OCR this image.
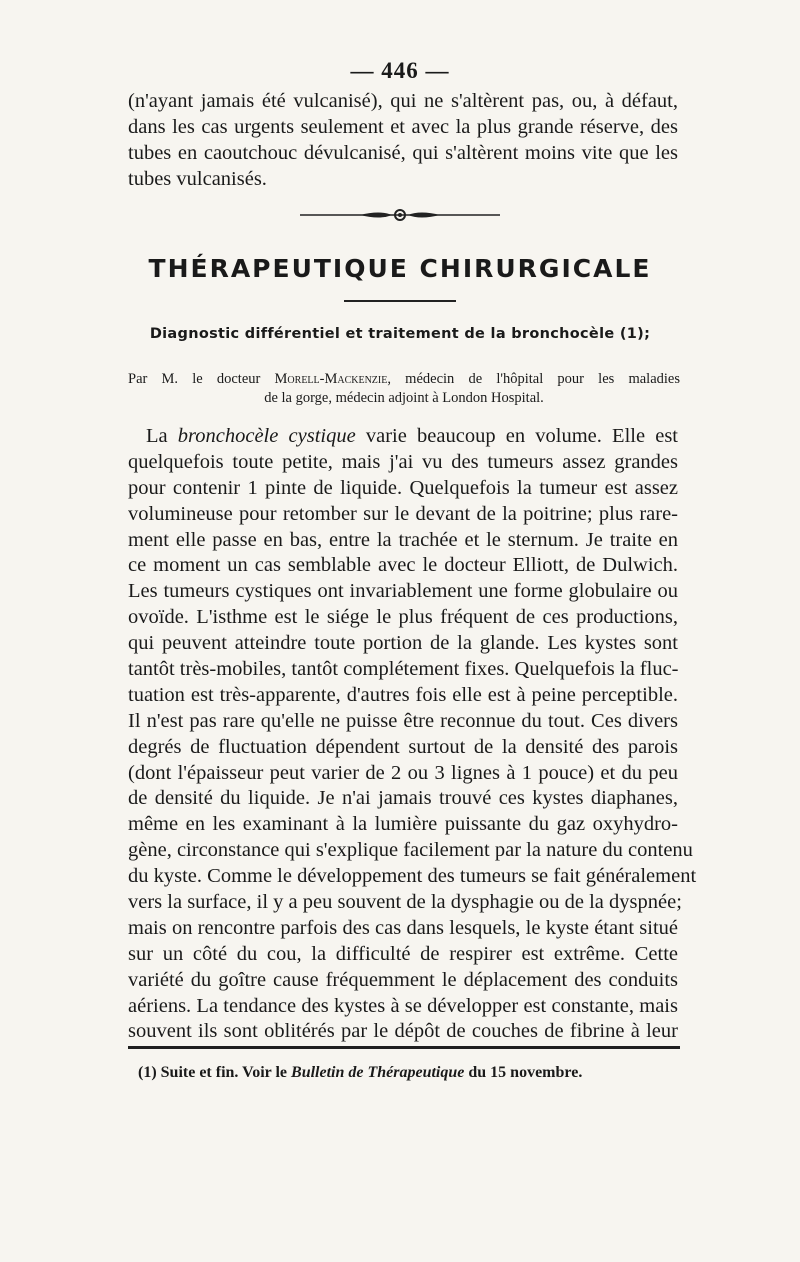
— 446 —
(n'ayant jamais été vulcanisé), qui ne s'altèrent pas, ou, à défaut,
dans les cas urgents seulement et avec la plus grande réserve, des
tubes en caoutchouc dévulcanisé, qui s'altèrent moins vite que les
tubes vulcanisés.
THÉRAPEUTIQUE CHIRURGICALE
Diagnostic différentiel et traitement de la bronchocèle (1);
Par M. le docteur Morell-Mackenzie, médecin de l'hôpital pour les maladies
de la gorge, médecin adjoint à London Hospital.
La bronchocèle cystique varie beaucoup en volume. Elle est
quelquefois toute petite, mais j'ai vu des tumeurs assez grandes
pour contenir 1 pinte de liquide. Quelquefois la tumeur est assez
volumineuse pour retomber sur le devant de la poitrine; plus rare-
ment elle passe en bas, entre la trachée et le sternum. Je traite en
ce moment un cas semblable avec le docteur Elliott, de Dulwich.
Les tumeurs cystiques ont invariablement une forme globulaire ou
ovoïde. L'isthme est le siége le plus fréquent de ces productions,
qui peuvent atteindre toute portion de la glande. Les kystes sont
tantôt très-mobiles, tantôt complétement fixes. Quelquefois la fluc-
tuation est très-apparente, d'autres fois elle est à peine perceptible.
Il n'est pas rare qu'elle ne puisse être reconnue du tout. Ces divers
degrés de fluctuation dépendent surtout de la densité des parois
(dont l'épaisseur peut varier de 2 ou 3 lignes à 1 pouce) et du peu
de densité du liquide. Je n'ai jamais trouvé ces kystes diaphanes,
même en les examinant à la lumière puissante du gaz oxyhydro-
gène, circonstance qui s'explique facilement par la nature du contenu
du kyste. Comme le développement des tumeurs se fait généralement
vers la surface, il y a peu souvent de la dysphagie ou de la dyspnée;
mais on rencontre parfois des cas dans lesquels, le kyste étant situé
sur un côté du cou, la difficulté de respirer est extrême. Cette
variété du goître cause fréquemment le déplacement des conduits
aériens. La tendance des kystes à se développer est constante, mais
souvent ils sont oblitérés par le dépôt de couches de fibrine à leur
(1) Suite et fin. Voir le Bulletin de Thérapeutique du 15 novembre.
